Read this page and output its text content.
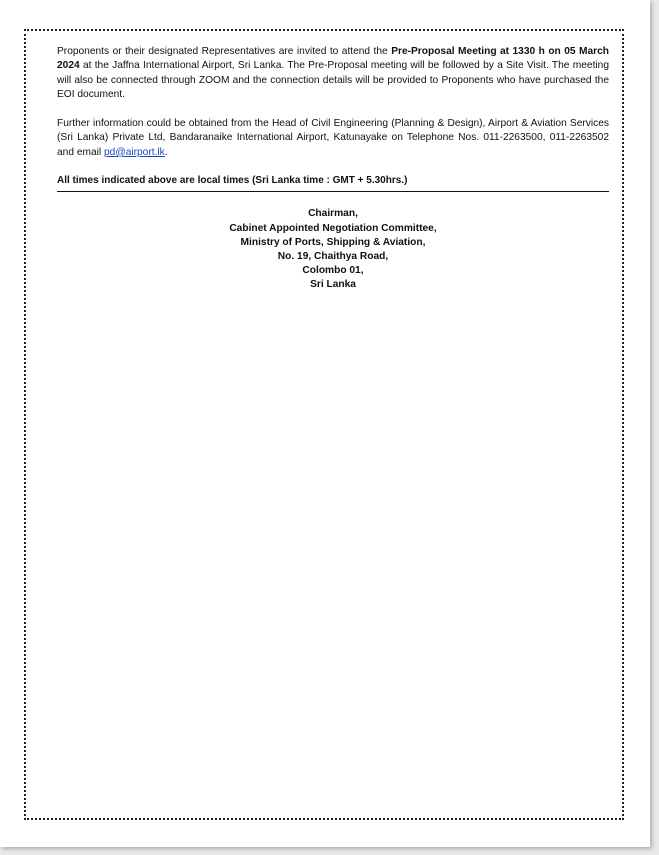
Proponents or their designated Representatives are invited to attend the Pre-Proposal Meeting at 1330 h on 05 March 2024 at the Jaffna International Airport, Sri Lanka. The Pre-Proposal meeting will be followed by a Site Visit. The meeting will also be connected through ZOOM and the connection details will be provided to Proponents who have purchased the EOI document.

Further information could be obtained from the Head of Civil Engineering (Planning & Design), Airport & Aviation Services (Sri Lanka) Private Ltd, Bandaranaike International Airport, Katunayake on Telephone Nos. 011-2263500, 011-2263502 and email pd@airport.lk.

All times indicated above are local times (Sri Lanka time : GMT + 5.30hrs.)
Chairman,
Cabinet Appointed Negotiation Committee,
Ministry of Ports, Shipping & Aviation,
No. 19, Chaithya Road,
Colombo 01,
Sri Lanka
